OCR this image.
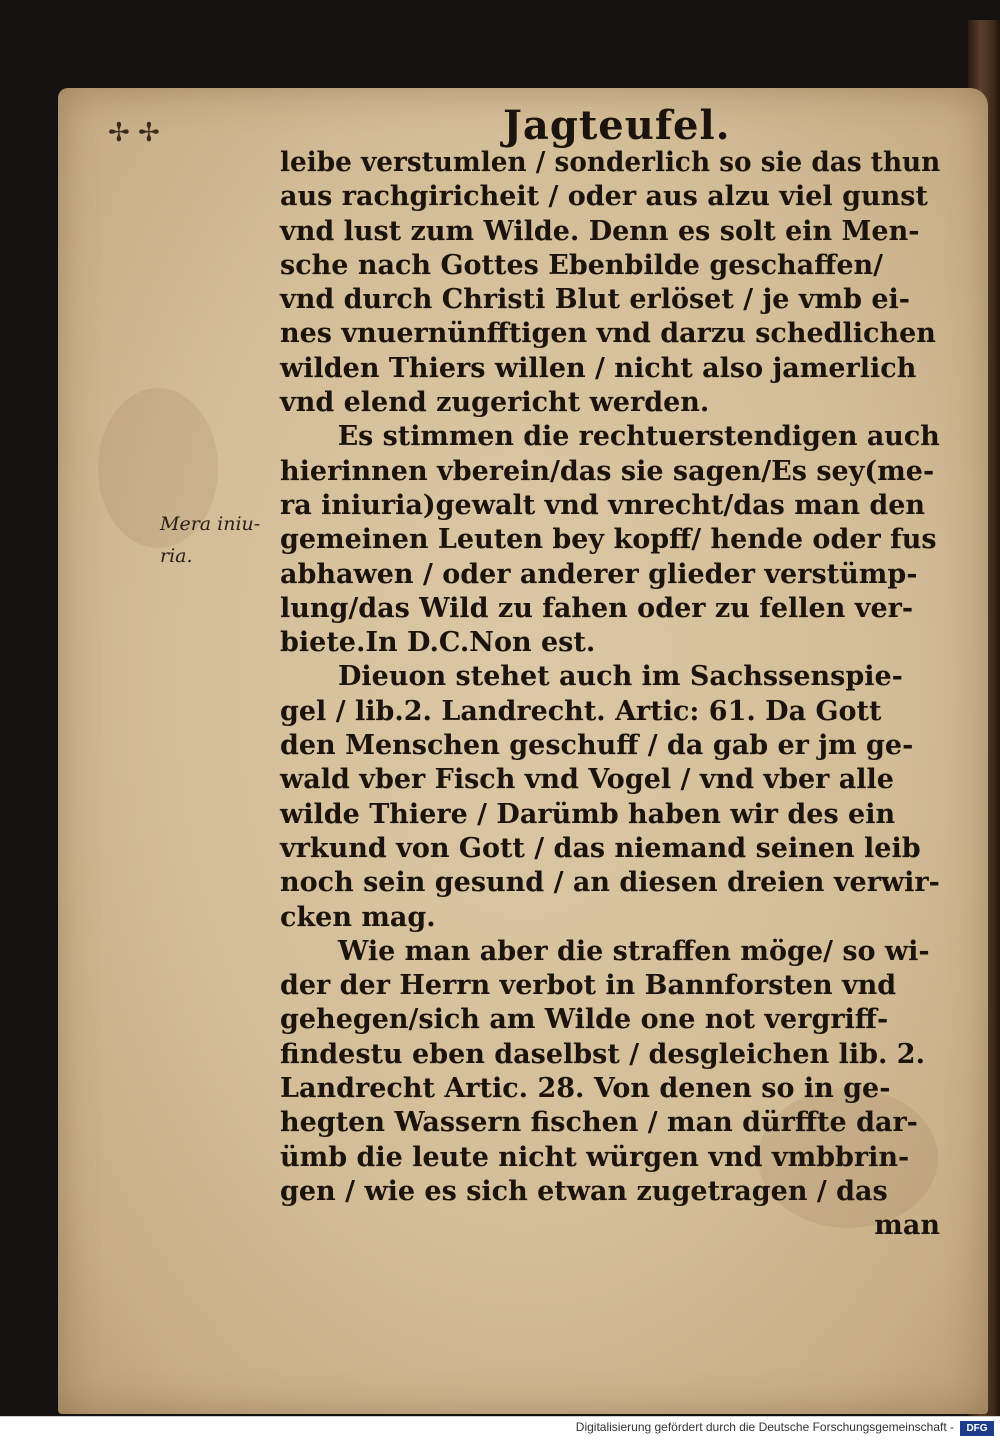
✢ ✢	Jagteufel.
Mera iniu-
ria.
leibe verstumlen / sonderlich so sie das thun
aus rachgiricheit / oder aus alzu viel gunst
vnd lust zum Wilde. Denn es solt ein Men-
sche nach Gottes Ebenbilde geschaffen/
vnd durch Christi Blut erlöset / je vmb ei-
nes vnuernünfftigen vnd darzu schedlichen
wilden Thiers willen / nicht also jamerlich
vnd elend zugericht werden.
Es stimmen die rechtuerstendigen auch
hierinnen vberein/das sie sagen/Es sey(me-
ra iniuria)gewalt vnd vnrecht/das man den
gemeinen Leuten bey kopff/ hende oder fus
abhawen / oder anderer glieder verstümp-
lung/das Wild zu fahen oder zu fellen ver-
biete.In D.C.Non est.
Dieuon stehet auch im Sachssenspie-
gel / lib.2. Landrecht. Artic: 61. Da Gott
den Menschen geschuff / da gab er jm ge-
wald vber Fisch vnd Vogel / vnd vber alle
wilde Thiere / Darümb haben wir des ein
vrkund von Gott / das niemand seinen leib
noch sein gesund / an diesen dreien verwir-
cken mag.
Wie man aber die straffen möge/ so wi-
der der Herrn verbot in Bannforsten vnd
gehegen/sich am Wilde one not vergriff-
findestu eben daselbst / desgleichen lib. 2.
Landrecht Artic. 28. Von denen so in ge-
hegten Wassern fischen / man dürffte dar-
ümb die leute nicht würgen vnd vmbbrin-
gen / wie es sich etwan zugetragen / das
man
Digitalisierung gefördert durch die Deutsche Forschungsgemeinschaft -	DFG
